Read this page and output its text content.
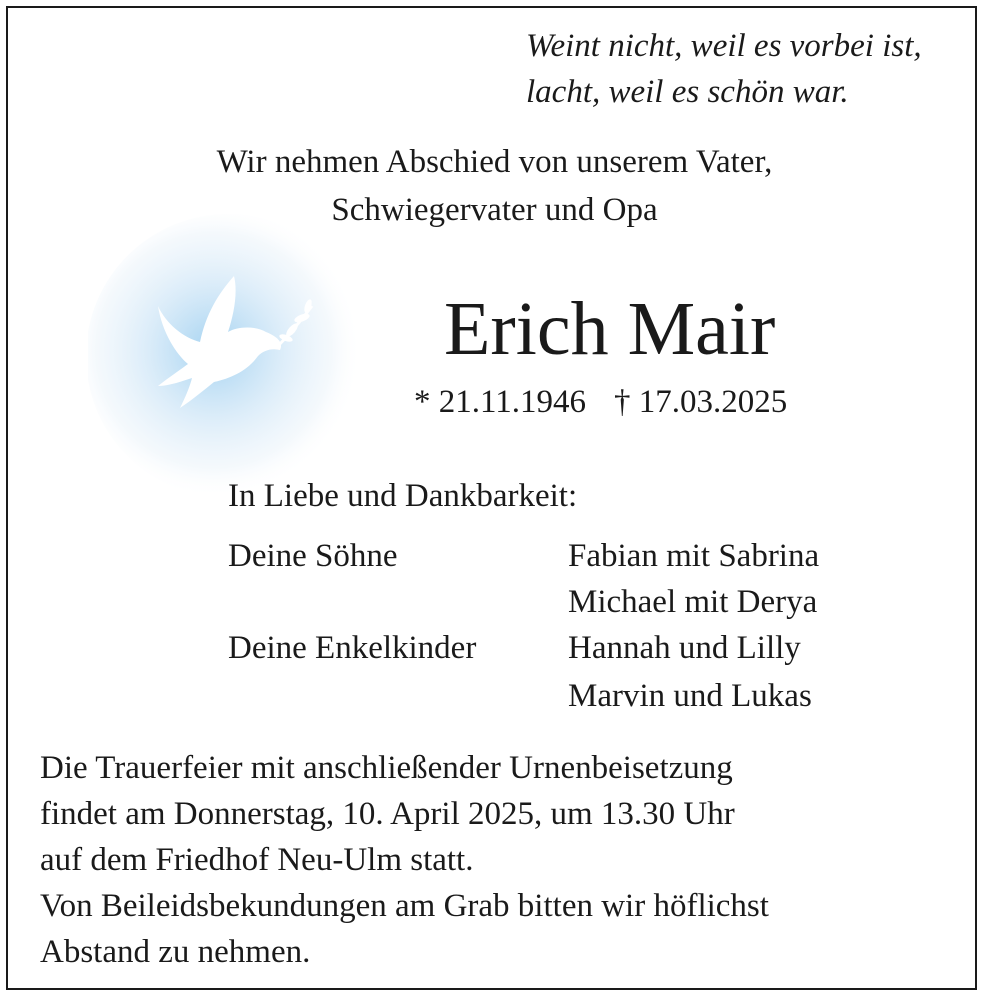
Weint nicht, weil es vorbei ist,
lacht, weil es schön war.
Wir nehmen Abschied von unserem Vater,
Schwiegervater und Opa
Erich Mair
* 21.11.1946 † 17.03.2025
In Liebe und Dankbarkeit:
Deine Söhne	Fabian mit Sabrina
Michael mit Derya
Deine Enkelkinder	Hannah und Lilly
Marvin und Lukas
Die Trauerfeier mit anschließender Urnenbeisetzung
findet am Donnerstag, 10. April 2025, um 13.30 Uhr
auf dem Friedhof Neu-Ulm statt.
Von Beileidsbekundungen am Grab bitten wir höflichst
Abstand zu nehmen.
